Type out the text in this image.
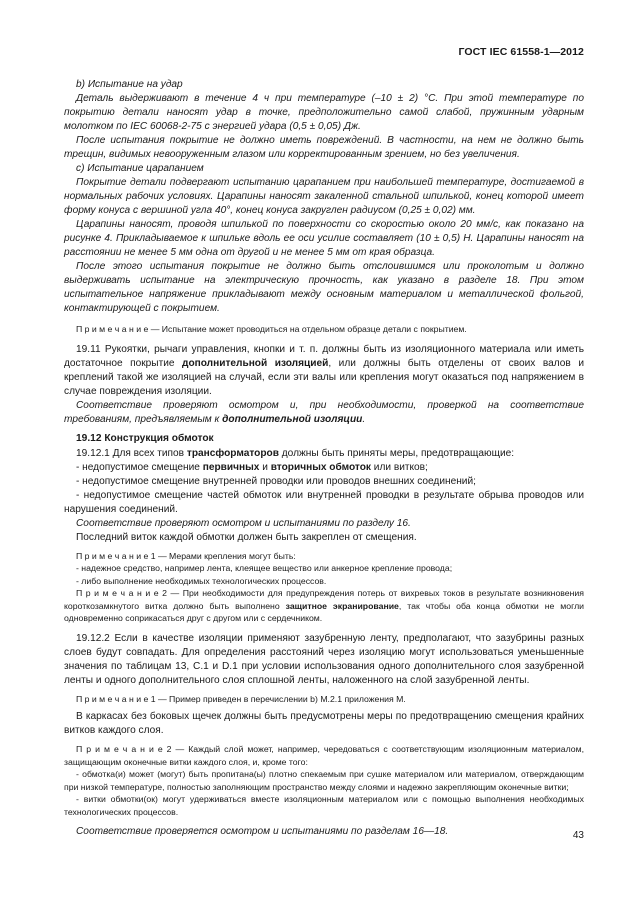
ГОСТ IEC 61558-1—2012

b) Испытание на удар

Деталь выдерживают в течение 4 ч при температуре (–10 ± 2) °С. При этой температуре по покрытию детали наносят удар в точке, предположительно самой слабой, пружинным ударным молотком по IEC 60068-2-75 с энергией удара (0,5 ± 0,05) Дж.

После испытания покрытие не должно иметь повреждений. В частности, на нем не должно быть трещин, видимых невооруженным глазом или корректированным зрением, но без увеличения.

c) Испытание царапанием

Покрытие детали подвергают испытанию царапанием при наибольшей температуре, достигаемой в нормальных рабочих условиях. Царапины наносят закаленной стальной шпилькой, конец которой имеет форму конуса с вершиной угла 40°, конец конуса закруглен радиусом (0,25 ± 0,02) мм.

Царапины наносят, проводя шпилькой по поверхности со скоростью около 20 мм/с, как показано на рисунке 4. Прикладываемое к шпильке вдоль ее оси усилие составляет (10 ± 0,5) Н. Царапины наносят на расстоянии не менее 5 мм одна от другой и не менее 5 мм от края образца.

После этого испытания покрытие не должно быть отслоившимся или проколотым и должно выдерживать испытание на электрическую прочность, как указано в разделе 18. При этом испытательное напряжение прикладывают между основным материалом и металлической фольгой, контактирующей с покрытием.

П р и м е ч а н и е — Испытание может проводиться на отдельном образце детали с покрытием.

19.11 Рукоятки, рычаги управления, кнопки и т. п. должны быть из изоляционного материала или иметь достаточное покрытие дополнительной изоляцией, или должны быть отделены от своих валов и креплений такой же изоляцией на случай, если эти валы или крепления могут оказаться под напряжением в случае повреждения изоляции.

Соответствие проверяют осмотром и, при необходимости, проверкой на соответствие требованиям, предъявляемым к дополнительной изоляции.

19.12 Конструкция обмоток

19.12.1 Для всех типов трансформаторов должны быть приняты меры, предотвращающие:

- недопустимое смещение первичных и вторичных обмоток или витков;

- недопустимое смещение внутренней проводки или проводов внешних соединений;

- недопустимое смещение частей обмоток или внутренней проводки в результате обрыва проводов или нарушения соединений.

Соответствие проверяют осмотром и испытаниями по разделу 16.

Последний виток каждой обмотки должен быть закреплен от смещения.

П р и м е ч а н и е 1 — Мерами крепления могут быть:

- надежное средство, например лента, клеящее вещество или анкерное крепление провода;

- либо выполнение необходимых технологических процессов.

П р и м е ч а н и е 2 — При необходимости для предупреждения потерь от вихревых токов в результате возникновения короткозамкнутого витка должно быть выполнено защитное экранирование, так чтобы оба конца обмотки не могли одновременно соприкасаться друг с другом или с сердечником.

19.12.2 Если в качестве изоляции применяют зазубренную ленту, предполагают, что зазубрины разных слоев будут совпадать. Для определения расстояний через изоляцию могут использоваться уменьшенные значения по таблицам 13, С.1 и D.1 при условии использования одного дополнительного слоя зазубренной ленты и одного дополнительного слоя сплошной ленты, наложенного на слой зазубренной ленты.

П р и м е ч а н и е 1 — Пример приведен в перечислении b) М.2.1 приложения М.

В каркасах без боковых щечек должны быть предусмотрены меры по предотвращению смещения крайних витков каждого слоя.

П р и м е ч а н и е 2 — Каждый слой может, например, чередоваться с соответствующим изоляционным материалом, защищающим оконечные витки каждого слоя, и, кроме того:

- обмотка(и) может (могут) быть пропитана(ы) плотно спекаемым при сушке материалом или материалом, отверждающим при низкой температуре, полностью заполняющим пространство между слоями и надежно закрепляющим оконечные витки;

- витки обмотки(ок) могут удерживаться вместе изоляционным материалом или с помощью выполнения необходимых технологических процессов.

Соответствие проверяется осмотром и испытаниями по разделам 16—18.	43
